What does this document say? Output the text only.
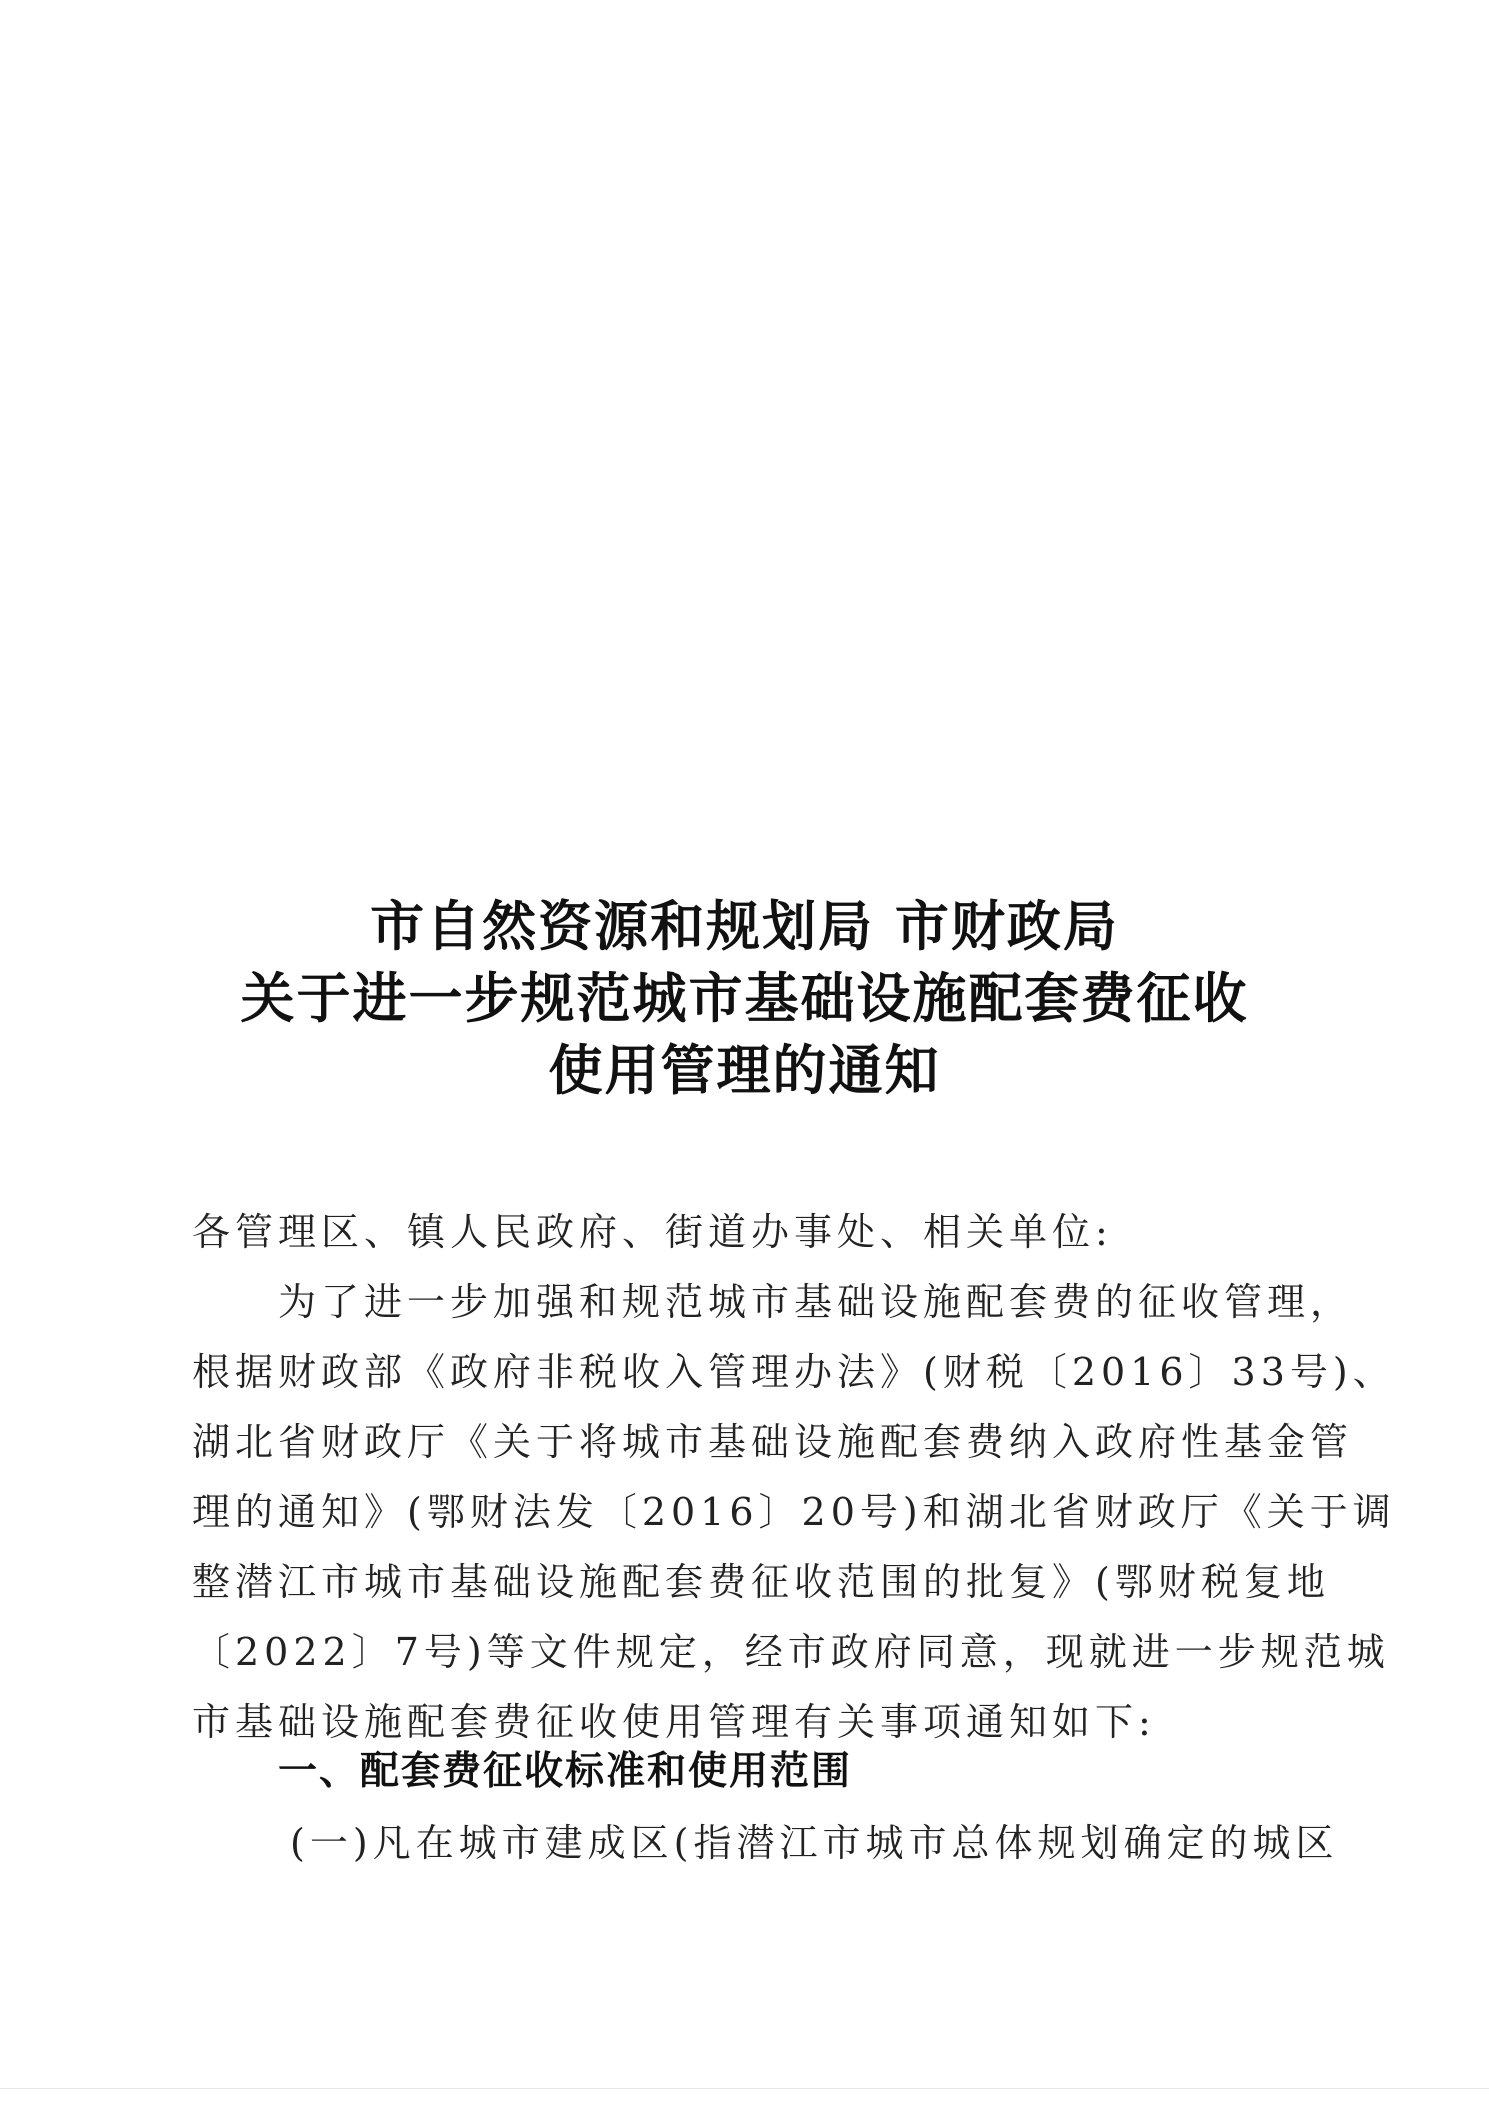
市自然资源和规划局 市财政局
关于进一步规范城市基础设施配套费征收
使用管理的通知
各管理区、镇人民政府、街道办事处、相关单位:
为了进一步加强和规范城市基础设施配套费的征收管理，
根据财政部《政府非税收入管理办法》(财税〔2016〕33号)、
湖北省财政厅《关于将城市基础设施配套费纳入政府性基金管
理的通知》(鄂财法发〔2016〕20号)和湖北省财政厅《关于调
整潜江市城市基础设施配套费征收范围的批复》(鄂财税复地
〔2022〕7号)等文件规定，经市政府同意，现就进一步规范城
市基础设施配套费征收使用管理有关事项通知如下:
一、配套费征收标准和使用范围
(一)凡在城市建成区(指潜江市城市总体规划确定的城区
